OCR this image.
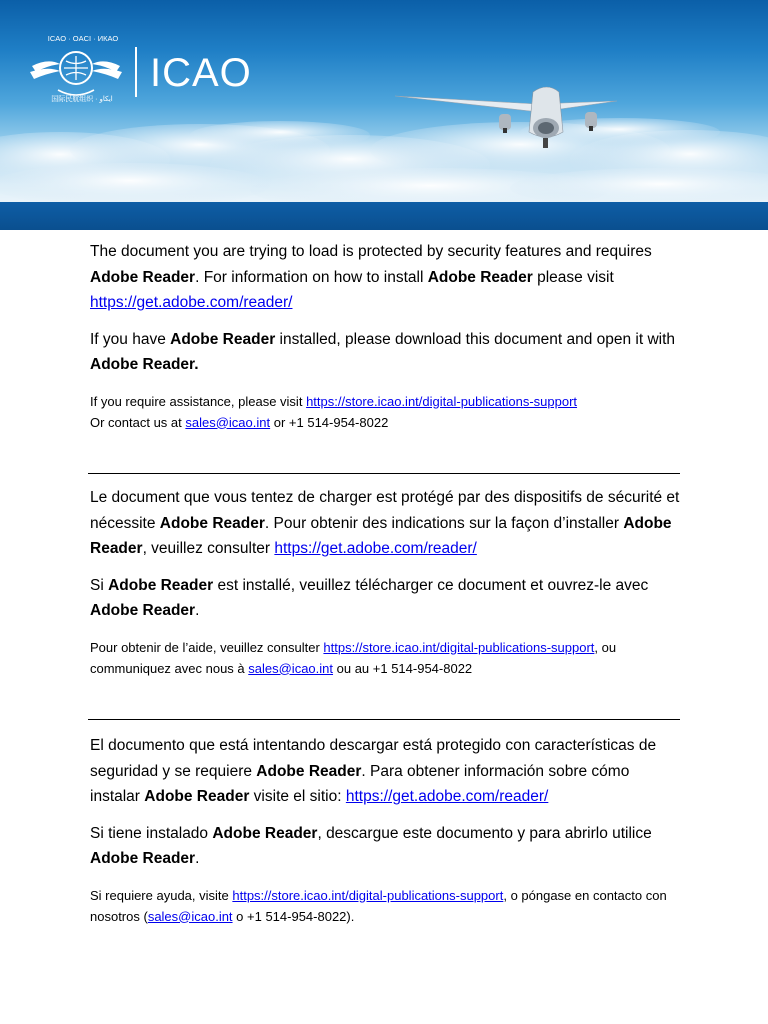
ICAO · OACI · ИКАО
国际民航组织 · ايكاو
ICAO

The document you are trying to load is protected by security features and requires Adobe Reader. For information on how to install Adobe Reader please visit https://get.adobe.com/reader/

If you have Adobe Reader installed, please download this document and open it with Adobe Reader.

If you require assistance, please visit https://store.icao.int/digital-publications-support
Or contact us at sales@icao.int or +1 514-954-8022

Le document que vous tentez de charger est protégé par des dispositifs de sécurité et nécessite Adobe Reader. Pour obtenir des indications sur la façon d’installer Adobe Reader, veuillez consulter https://get.adobe.com/reader/

Si Adobe Reader est installé, veuillez télécharger ce document et ouvrez-le avec Adobe Reader.

Pour obtenir de l’aide, veuillez consulter https://store.icao.int/digital-publications-support, ou communiquez avec nous à sales@icao.int ou au +1 514-954-8022

El documento que está intentando descargar está protegido con características de seguridad y se requiere Adobe Reader. Para obtener información sobre cómo instalar Adobe Reader visite el sitio: https://get.adobe.com/reader/

Si tiene instalado Adobe Reader, descargue este documento y para abrirlo utilice Adobe Reader.

Si requiere ayuda, visite https://store.icao.int/digital-publications-support, o póngase en contacto con nosotros (sales@icao.int o +1 514-954-8022).
